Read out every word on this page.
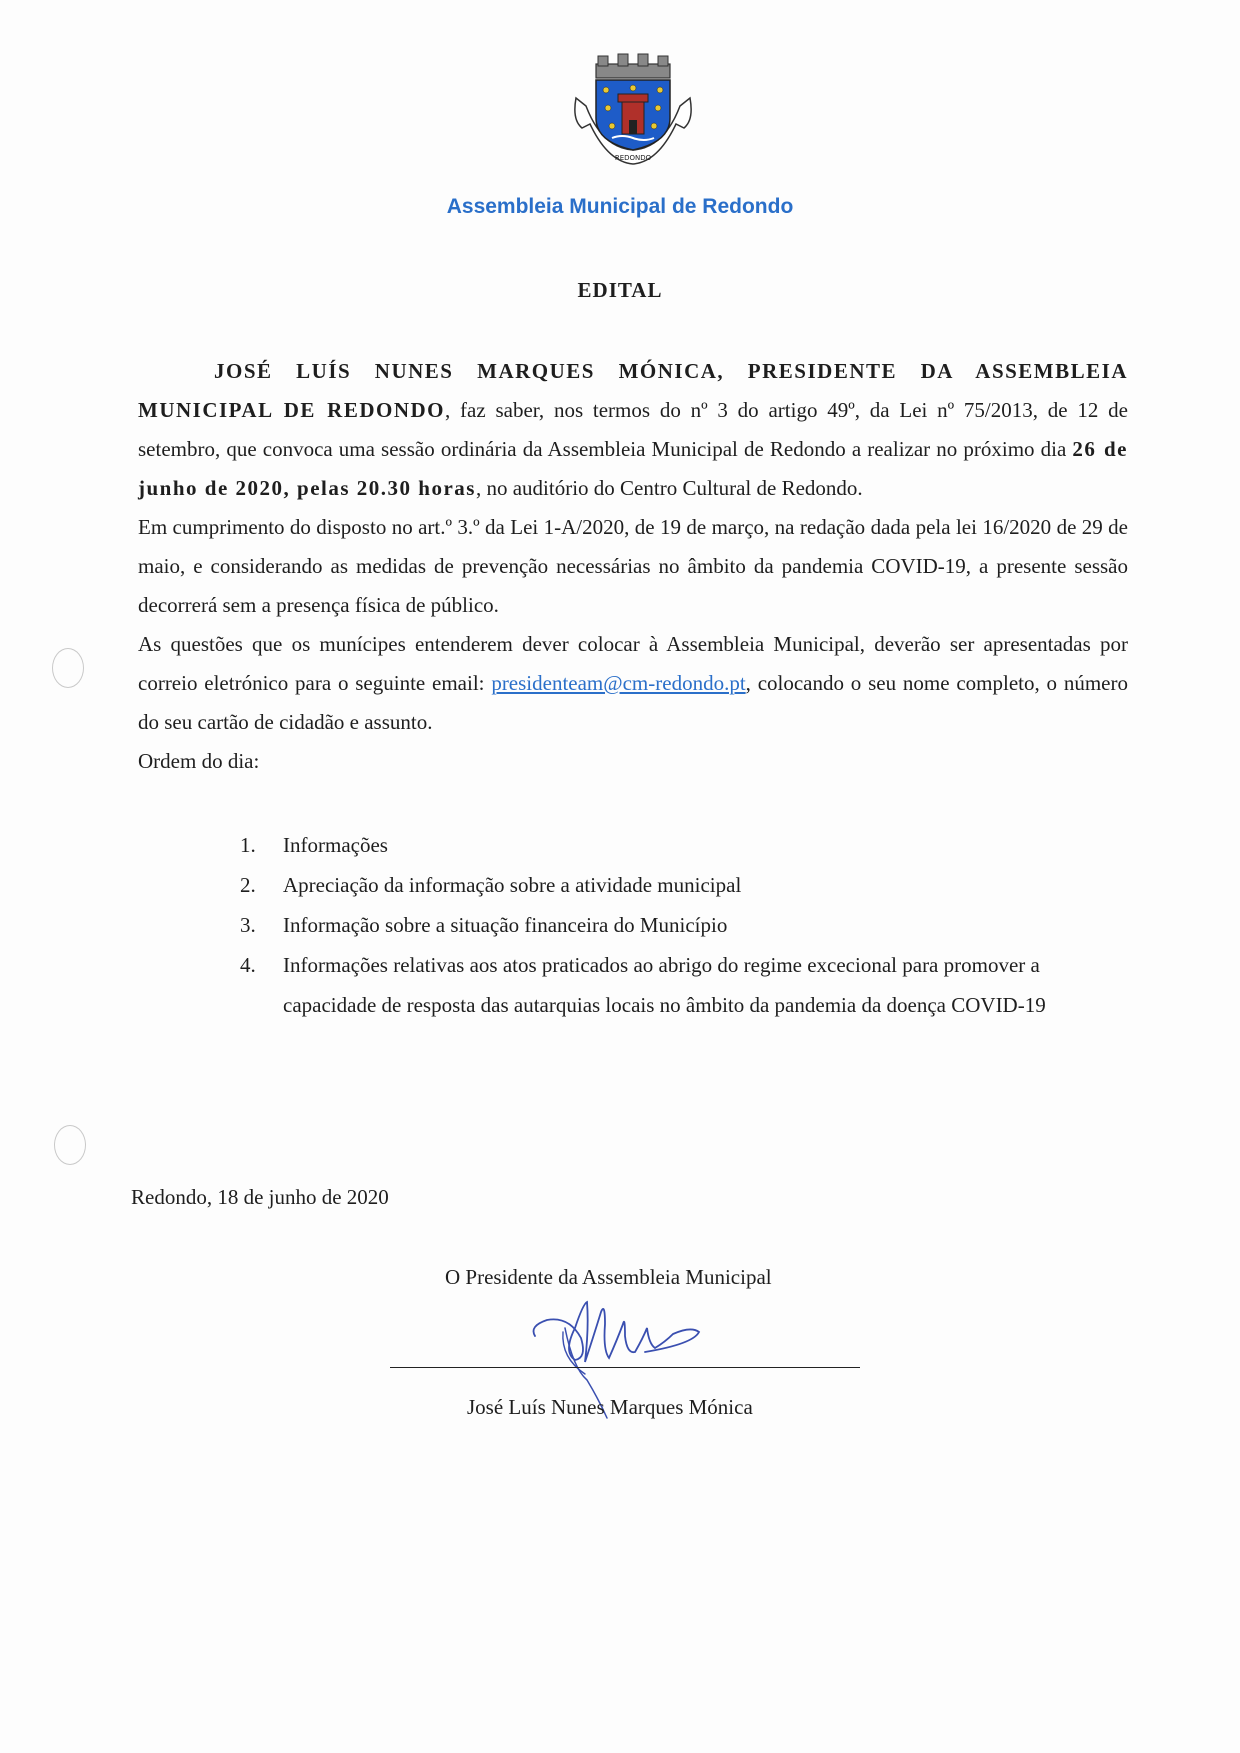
REDONDO
Assembleia Municipal de Redondo
EDITAL

JOSÉ LUÍS NUNES MARQUES MÓNICA, PRESIDENTE DA ASSEMBLEIA MUNICIPAL DE REDONDO, faz saber, nos termos do nº 3 do artigo 49º, da Lei nº 75/2013, de 12 de setembro, que convoca uma sessão ordinária da Assembleia Municipal de Redondo a realizar no próximo dia 26 de junho de 2020, pelas 20.30 horas, no auditório do Centro Cultural de Redondo.

Em cumprimento do disposto no art.º 3.º da Lei 1-A/2020, de 19 de março, na redação dada pela lei 16/2020 de 29 de maio, e considerando as medidas de prevenção necessárias no âmbito da pandemia COVID-19, a presente sessão decorrerá sem a presença física de público.

As questões que os munícipes entenderem dever colocar à Assembleia Municipal, deverão ser apresentadas por correio eletrónico para o seguinte email: presidenteam@cm-redondo.pt, colocando o seu nome completo, o número do seu cartão de cidadão e assunto.

Ordem do dia:

1. Informações
2. Apreciação da informação sobre a atividade municipal
3. Informação sobre a situação financeira do Município
4. Informações relativas aos atos praticados ao abrigo do regime excecional para promover a capacidade de resposta das autarquias locais no âmbito da pandemia da doença COVID-19
Redondo, 18 de junho de 2020
O Presidente da Assembleia Municipal
José Luís Nunes Marques Mónica
